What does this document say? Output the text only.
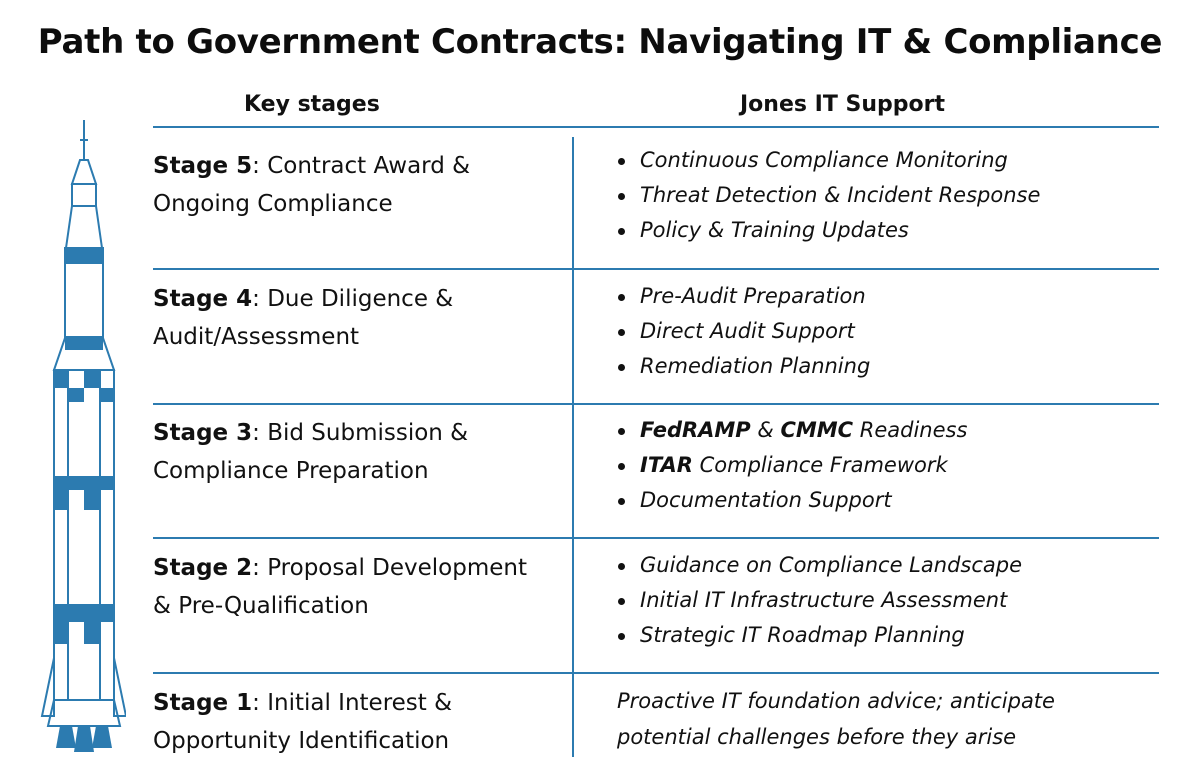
Path to Government Contracts: Navigating IT & Compliance
Key stages	Jones IT Support
Stage 5: Contract Award &
Ongoing Compliance
Continuous Compliance Monitoring
Threat Detection & Incident Response
Policy & Training Updates
Stage 4: Due Diligence &
Audit/Assessment
Pre-Audit Preparation
Direct Audit Support
Remediation Planning
Stage 3: Bid Submission &
Compliance Preparation
FedRAMP & CMMC Readiness
ITAR Compliance Framework
Documentation Support
Stage 2: Proposal Development
& Pre-Qualification
Guidance on Compliance Landscape
Initial IT Infrastructure Assessment
Strategic IT Roadmap Planning
Stage 1: Initial Interest &
Opportunity Identification
Proactive IT foundation advice; anticipate
potential challenges before they arise
